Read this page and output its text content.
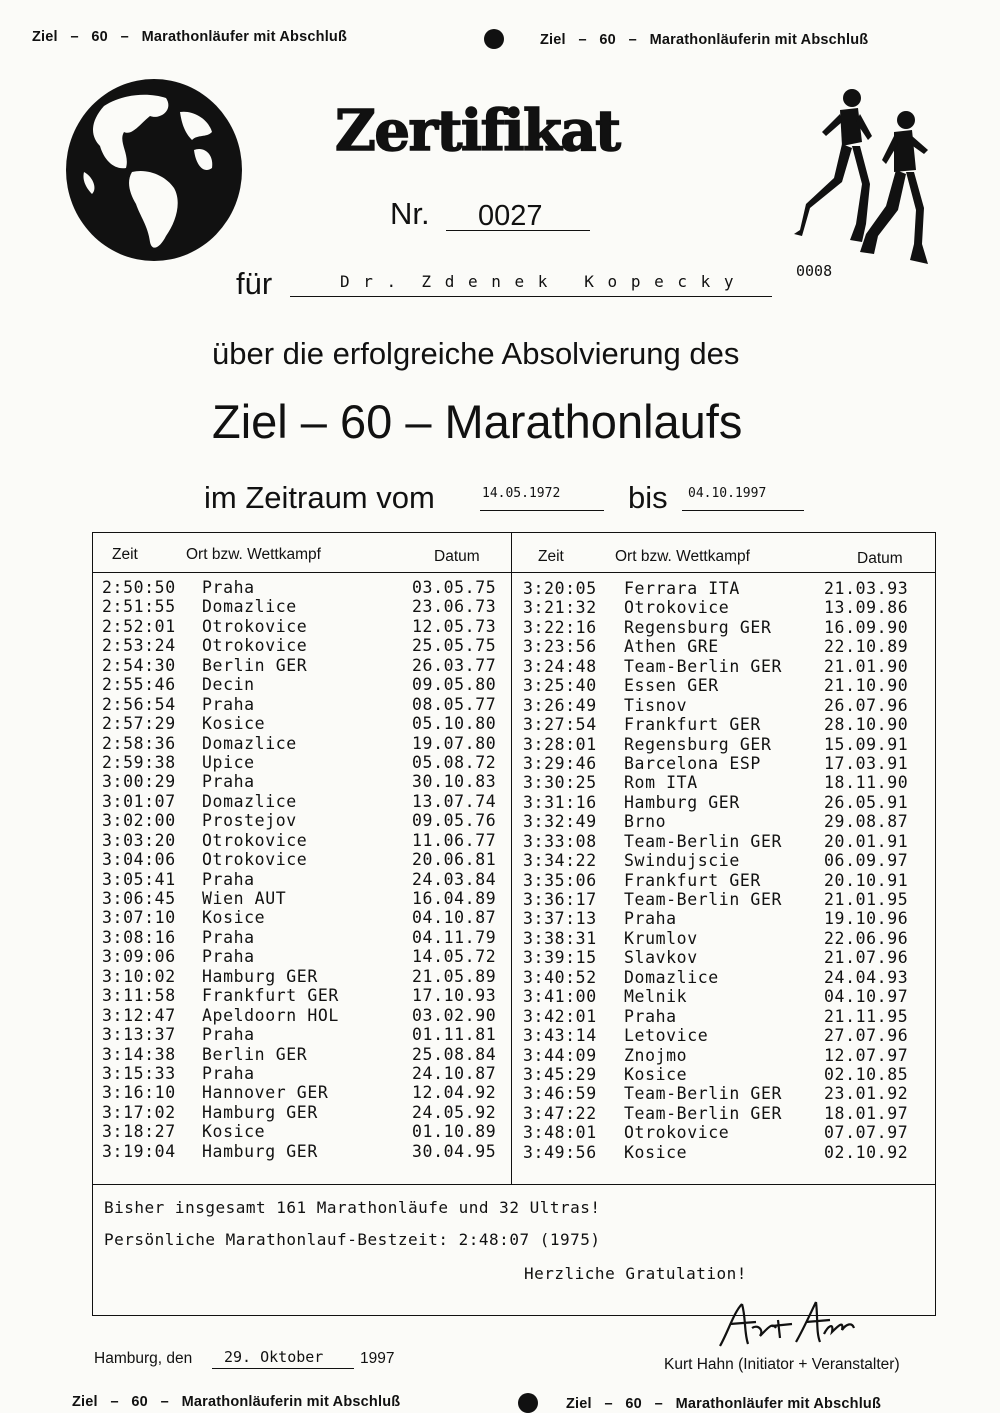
Ziel   –   60   –   Marathonläufer mit Abschluß	Ziel   –   60   –   Marathonläuferin mit Abschluß
Zertifikat
0008
Nr.	0027
für	D r .  Z d e n e k   K o p e c k y
über die erfolgreiche Absolvierung des
Ziel – 60 – Marathonlaufs
im Zeitraum vom	14.05.1972	bis	04.10.1997
Zeit	Ort bzw. Wettkampf	Datum	Zeit	Ort bzw. Wettkampf	Datum
2:50:50 Praha	03.05.75
2:51:55 Domazlice	23.06.73
2:52:01 Otrokovice	12.05.73
2:53:24 Otrokovice	25.05.75
2:54:30 Berlin GER	26.03.77
2:55:46 Decin	09.05.80
2:56:54 Praha	08.05.77
2:57:29 Kosice	05.10.80
2:58:36 Domazlice	19.07.80
2:59:38 Upice	05.08.72
3:00:29 Praha	30.10.83
3:01:07 Domazlice	13.07.74
3:02:00 Prostejov	09.05.76
3:03:20 Otrokovice	11.06.77
3:04:06 Otrokovice	20.06.81
3:05:41 Praha	24.03.84
3:06:45 Wien AUT	16.04.89
3:07:10 Kosice	04.10.87
3:08:16 Praha	04.11.79
3:09:06 Praha	14.05.72
3:10:02 Hamburg GER	21.05.89
3:11:58 Frankfurt GER	17.10.93
3:12:47 Apeldoorn HOL	03.02.90
3:13:37 Praha	01.11.81
3:14:38 Berlin GER	25.08.84
3:15:33 Praha	24.10.87
3:16:10 Hannover GER	12.04.92
3:17:02 Hamburg GER	24.05.92
3:18:27 Kosice	01.10.89
3:19:04 Hamburg GER	30.04.95
3:20:05 Ferrara ITA	21.03.93
3:21:32 Otrokovice	13.09.86
3:22:16 Regensburg GER	16.09.90
3:23:56 Athen GRE	22.10.89
3:24:48 Team-Berlin GER	21.01.90
3:25:40 Essen GER	21.10.90
3:26:49 Tisnov	26.07.96
3:27:54 Frankfurt GER	28.10.90
3:28:01 Regensburg GER	15.09.91
3:29:46 Barcelona ESP	17.03.91
3:30:25 Rom ITA	18.11.90
3:31:16 Hamburg GER	26.05.91
3:32:49 Brno	29.08.87
3:33:08 Team-Berlin GER	20.01.91
3:34:22 Swindujscie	06.09.97
3:35:06 Frankfurt GER	20.10.91
3:36:17 Team-Berlin GER	21.01.95
3:37:13 Praha	19.10.96
3:38:31 Krumlov	22.06.96
3:39:15 Slavkov	21.07.96
3:40:52 Domazlice	24.04.93
3:41:00 Melnik	04.10.97
3:42:01 Praha	21.11.95
3:43:14 Letovice	27.07.96
3:44:09 Znojmo	12.07.97
3:45:29 Kosice	02.10.85
3:46:59 Team-Berlin GER	23.01.92
3:47:22 Team-Berlin GER	18.01.97
3:48:01 Otrokovice	07.07.97
3:49:56 Kosice	02.10.92
Bisher insgesamt 161 Marathonläufe und 32 Ultras!
Persönliche Marathonlauf-Bestzeit: 2:48:07 (1975)
Herzliche Gratulation!
Hamburg, den	29. Oktober	1997	Kurt Hahn (Initiator + Veranstalter)
Ziel   –   60   –   Marathonläuferin mit Abschluß	Ziel   –   60   –   Marathonläufer mit Abschluß
